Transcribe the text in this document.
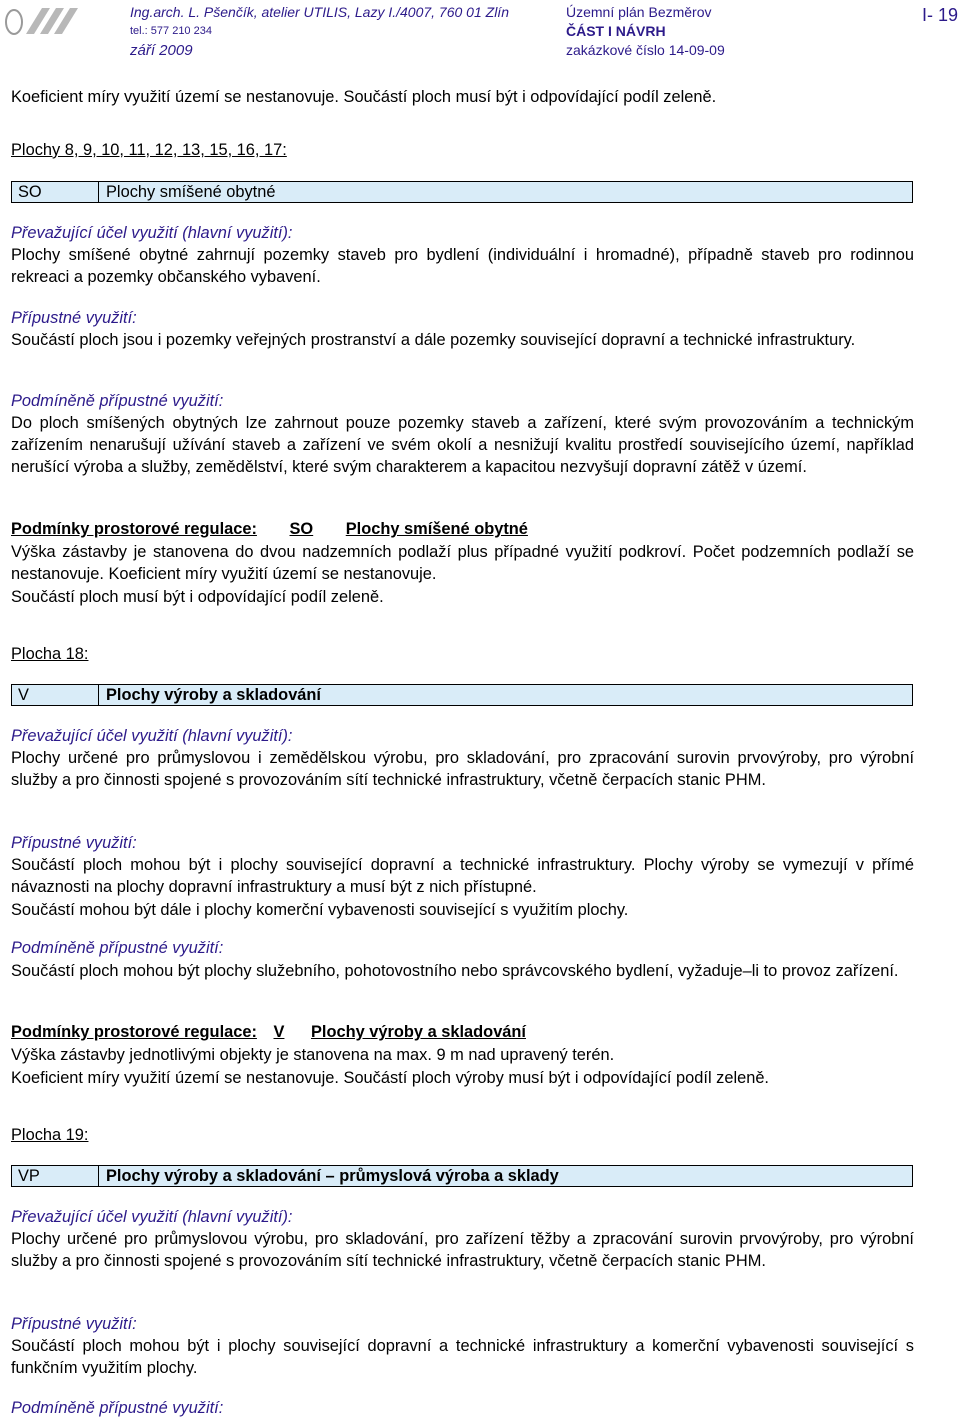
Ing.arch. L. Pšenčík, atelier UTILIS, Lazy I./4007, 760 01 Zlín
tel.: 577 210 234
září 2009
Územní plán Bezměrov
ČÁST I NÁVRH
zakázkové číslo 14-09-09
I- 19

Koeficient míry využití území se nestanovuje. Součástí ploch musí být i odpovídající podíl zeleně.

Plochy 8, 9, 10, 11, 12, 13, 15, 16, 17:

SO	Plochy smíšené obytné

Převažující účel využití (hlavní využití):

Plochy smíšené obytné zahrnují pozemky staveb pro bydlení (individuální i hromadné), případně staveb pro rodinnou rekreaci a pozemky občanského vybavení.

Přípustné využití:

Součástí ploch jsou i pozemky veřejných prostranství a dále pozemky související dopravní a technické infrastruktury.

Podmíněně přípustné využití:

Do ploch smíšených obytných lze zahrnout pouze pozemky staveb a zařízení, které svým provozováním a technickým zařízením nenarušují užívání staveb a zařízení ve svém okolí a nesnižují kvalitu prostředí souvisejícího území, například nerušící výroba a služby, zemědělství, které svým charakterem a kapacitou nezvyšují dopravní zátěž v území.

Podmínky prostorové regulace: SO Plochy smíšené obytné

Výška zástavby je stanovena do dvou nadzemních podlaží plus případné využití podkroví. Počet podzemních podlaží se nestanovuje. Koeficient míry využití území se nestanovuje.

Součástí ploch musí být i odpovídající podíl zeleně.

Plocha 18:

V	Plochy výroby a skladování

Převažující účel využití (hlavní využití):

Plochy určené pro průmyslovou i zemědělskou výrobu, pro skladování, pro zpracování surovin prvovýroby, pro výrobní služby a pro činnosti spojené s provozováním sítí technické infrastruktury, včetně čerpacích stanic PHM.

Přípustné využití:

Součástí ploch mohou být i plochy související dopravní a technické infrastruktury. Plochy výroby se vymezují v přímé návaznosti na plochy dopravní infrastruktury a musí být z nich přístupné.

Součástí mohou být dále i plochy komerční vybavenosti související s využitím plochy.

Podmíněně přípustné využití:

Součástí ploch mohou být plochy služebního, pohotovostního nebo správcovského bydlení, vyžaduje–li to provoz zařízení.

Podmínky prostorové regulace: V Plochy výroby a skladování

Výška zástavby jednotlivými objekty je stanovena na max. 9 m nad upravený terén.

Koeficient míry využití území se nestanovuje. Součástí ploch výroby musí být i odpovídající podíl zeleně.

Plocha 19:

VP	Plochy výroby a skladování – průmyslová výroba a sklady

Převažující účel využití (hlavní využití):

Plochy určené pro průmyslovou výrobu, pro skladování, pro zařízení těžby a zpracování surovin prvovýroby, pro výrobní služby a pro činnosti spojené s provozováním sítí technické infrastruktury, včetně čerpacích stanic PHM.

Přípustné využití:

Součástí ploch mohou být i plochy související dopravní a technické infrastruktury a komerční vybavenosti související s funkčním využitím plochy.

Podmíněně přípustné využití:
